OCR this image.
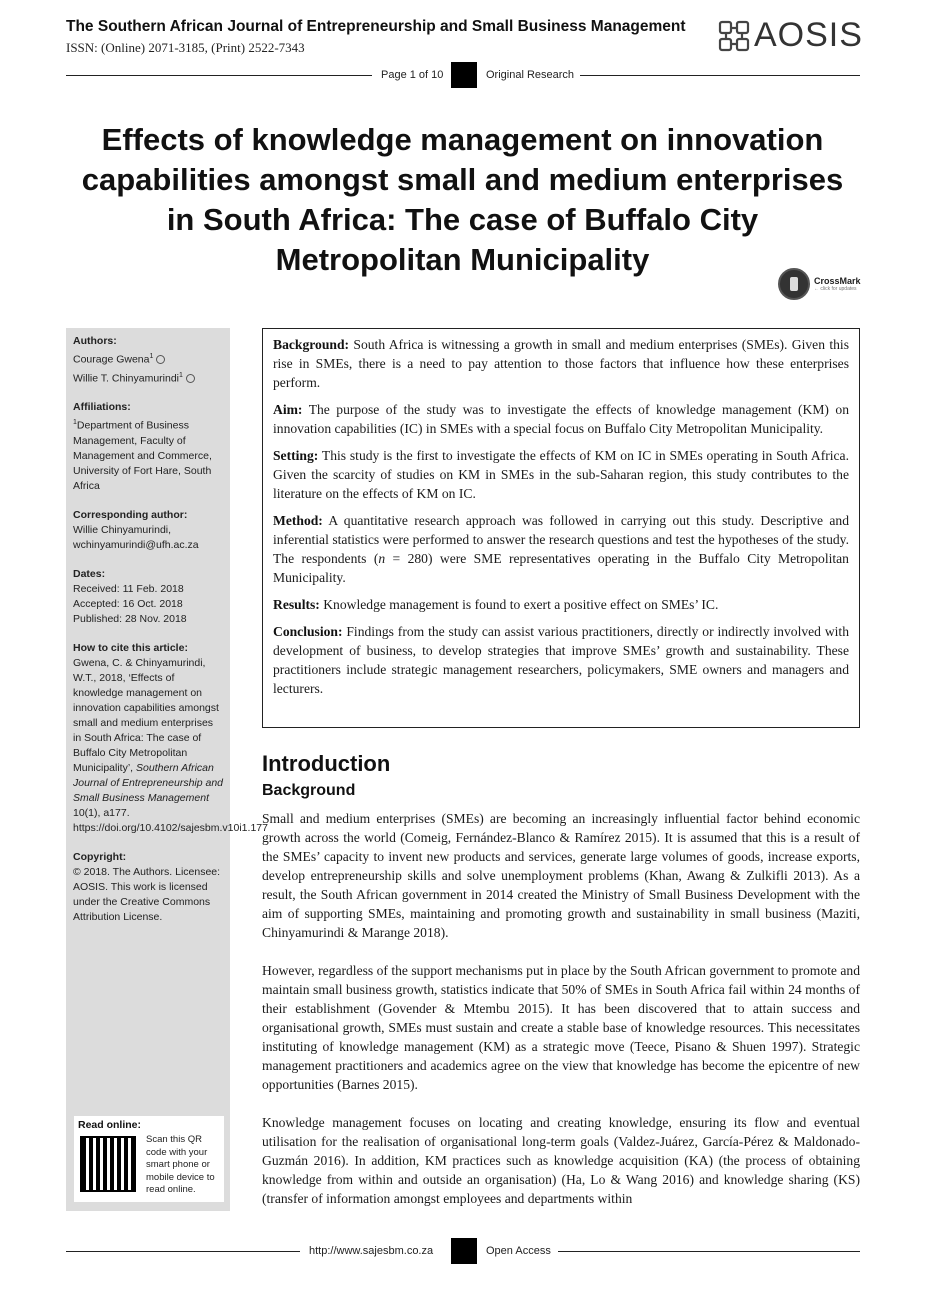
The Southern African Journal of Entrepreneurship and Small Business Management
ISSN: (Online) 2071-3185, (Print) 2522-7343	AOSIS
Page 1 of 10	Original Research
Effects of knowledge management on innovation capabilities amongst small and medium enterprises in South Africa: The case of Buffalo City Metropolitan Municipality
CrossMark
← click for updates
Authors:
Courage Gwena$^1$
Willie T. Chinyamurindi$^1$
Affiliations:
$^1$Department of Business Management, Faculty of Management and Commerce, University of Fort Hare, South Africa
Corresponding author:
Willie Chinyamurindi,
wchinyamurindi@ufh.ac.za
Dates:
Received: 11 Feb. 2018
Accepted: 16 Oct. 2018
Published: 28 Nov. 2018
How to cite this article:
Gwena, C. & Chinyamurindi, W.T., 2018, ‘Effects of knowledge management on innovation capabilities amongst small and medium enterprises in South Africa: The case of Buffalo City Metropolitan Municipality’, Southern African Journal of Entrepreneurship and Small Business Management 10(1), a177. https://doi.org/10.4102/sajesbm.v10i1.177
Copyright:
© 2018. The Authors. Licensee: AOSIS. This work is licensed under the Creative Commons Attribution License.
Read online:
Scan this QR code with your smart phone or mobile device to read online.

Background: South Africa is witnessing a growth in small and medium enterprises (SMEs). Given this rise in SMEs, there is a need to pay attention to those factors that influence how these enterprises perform.

Aim: The purpose of the study was to investigate the effects of knowledge management (KM) on innovation capabilities (IC) in SMEs with a special focus on Buffalo City Metropolitan Municipality.

Setting: This study is the first to investigate the effects of KM on IC in SMEs operating in South Africa. Given the scarcity of studies on KM in SMEs in the sub-Saharan region, this study contributes to the literature on the effects of KM on IC.

Method: A quantitative research approach was followed in carrying out this study. Descriptive and inferential statistics were performed to answer the research questions and test the hypotheses of the study. The respondents (n = 280) were SME representatives operating in the Buffalo City Metropolitan Municipality.

Results: Knowledge management is found to exert a positive effect on SMEs’ IC.

Conclusion: Findings from the study can assist various practitioners, directly or indirectly involved with development of business, to develop strategies that improve SMEs’ growth and sustainability. These practitioners include strategic management researchers, policymakers, SME owners and managers and lecturers.

Introduction
Background

Small and medium enterprises (SMEs) are becoming an increasingly influential factor behind economic growth across the world (Comeig, Fernández-Blanco & Ramírez 2015). It is assumed that this is a result of the SMEs’ capacity to invent new products and services, generate large volumes of goods, increase exports, develop entrepreneurship skills and solve unemployment problems (Khan, Awang & Zulkifli 2013). As a result, the South African government in 2014 created the Ministry of Small Business Development with the aim of supporting SMEs, maintaining and promoting growth and sustainability in small business (Maziti, Chinyamurindi & Marange 2018).

However, regardless of the support mechanisms put in place by the South African government to promote and maintain small business growth, statistics indicate that 50% of SMEs in South Africa fail within 24 months of their establishment (Govender & Mtembu 2015). It has been discovered that to attain success and organisational growth, SMEs must sustain and create a stable base of knowledge resources. This necessitates instituting of knowledge management (KM) as a strategic move (Teece, Pisano & Shuen 1997). Strategic management practitioners and academics agree on the view that knowledge has become the epicentre of new opportunities (Barnes 2015).

Knowledge management focuses on locating and creating knowledge, ensuring its flow and eventual utilisation for the realisation of organisational long-term goals (Valdez-Juárez, García-Pérez & Maldonado-Guzmán 2016). In addition, KM practices such as knowledge acquisition (KA) (the process of obtaining knowledge from within and outside an organisation) (Ha, Lo & Wang 2016) and knowledge sharing (KS) (transfer of information amongst employees and departments within

http://www.sajesbm.co.za	Open Access
